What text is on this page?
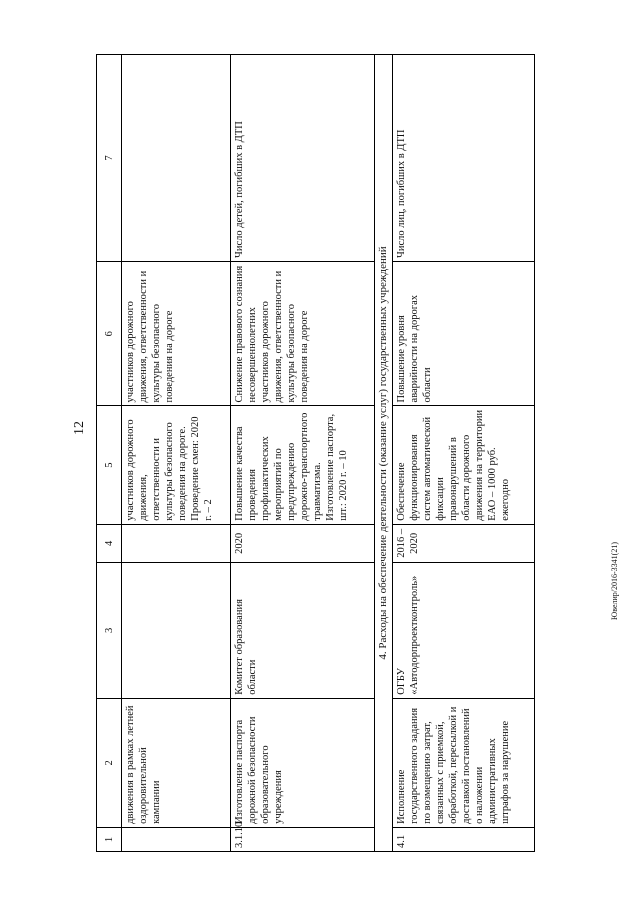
12
Ювелир/2016-3341(21)
1	2	3	4	5	6	7
	движения в рамках летней оздоровительной кампании			участников дорожного движения, ответственности и культуры безопасного поведения на дороге. Проведение смен: 2020 г. – 2	участников дорожного движения, ответственности и культуры безопасного поведения на дороге	
3.1.10	Изготовление паспорта дорожной безопасности образовательного учреждения	Комитет образования области	2020	Повышение качества проведения профилактических мероприятий по предупреждению дорожно-транспортного травматизма. Изготовление паспорта, шт.: 2020 г. – 10	Снижение правового сознания несовершеннолетних участников дорожного движения, ответственности и культуры безопасного поведения на дороге	Число детей, погибших в ДТП
4. Расходы на обеспечение деятельности (оказание услуг) государственных учреждений						
4.1	Исполнение государственного задания по возмещению затрат, связанных с приемкой, обработкой, пересылкой и доставкой постановлений о наложении административных штрафов за нарушение	ОГБУ «Автодорпроектконтроль»	2016 – 2020	Обеспечение функционирования систем автоматической фиксации правонарушений в области дорожного движения на территории ЕАО – 1000 руб. ежегодно	Повышение уровня аварийности на дорогах области	Число лиц, погибших в ДТП
